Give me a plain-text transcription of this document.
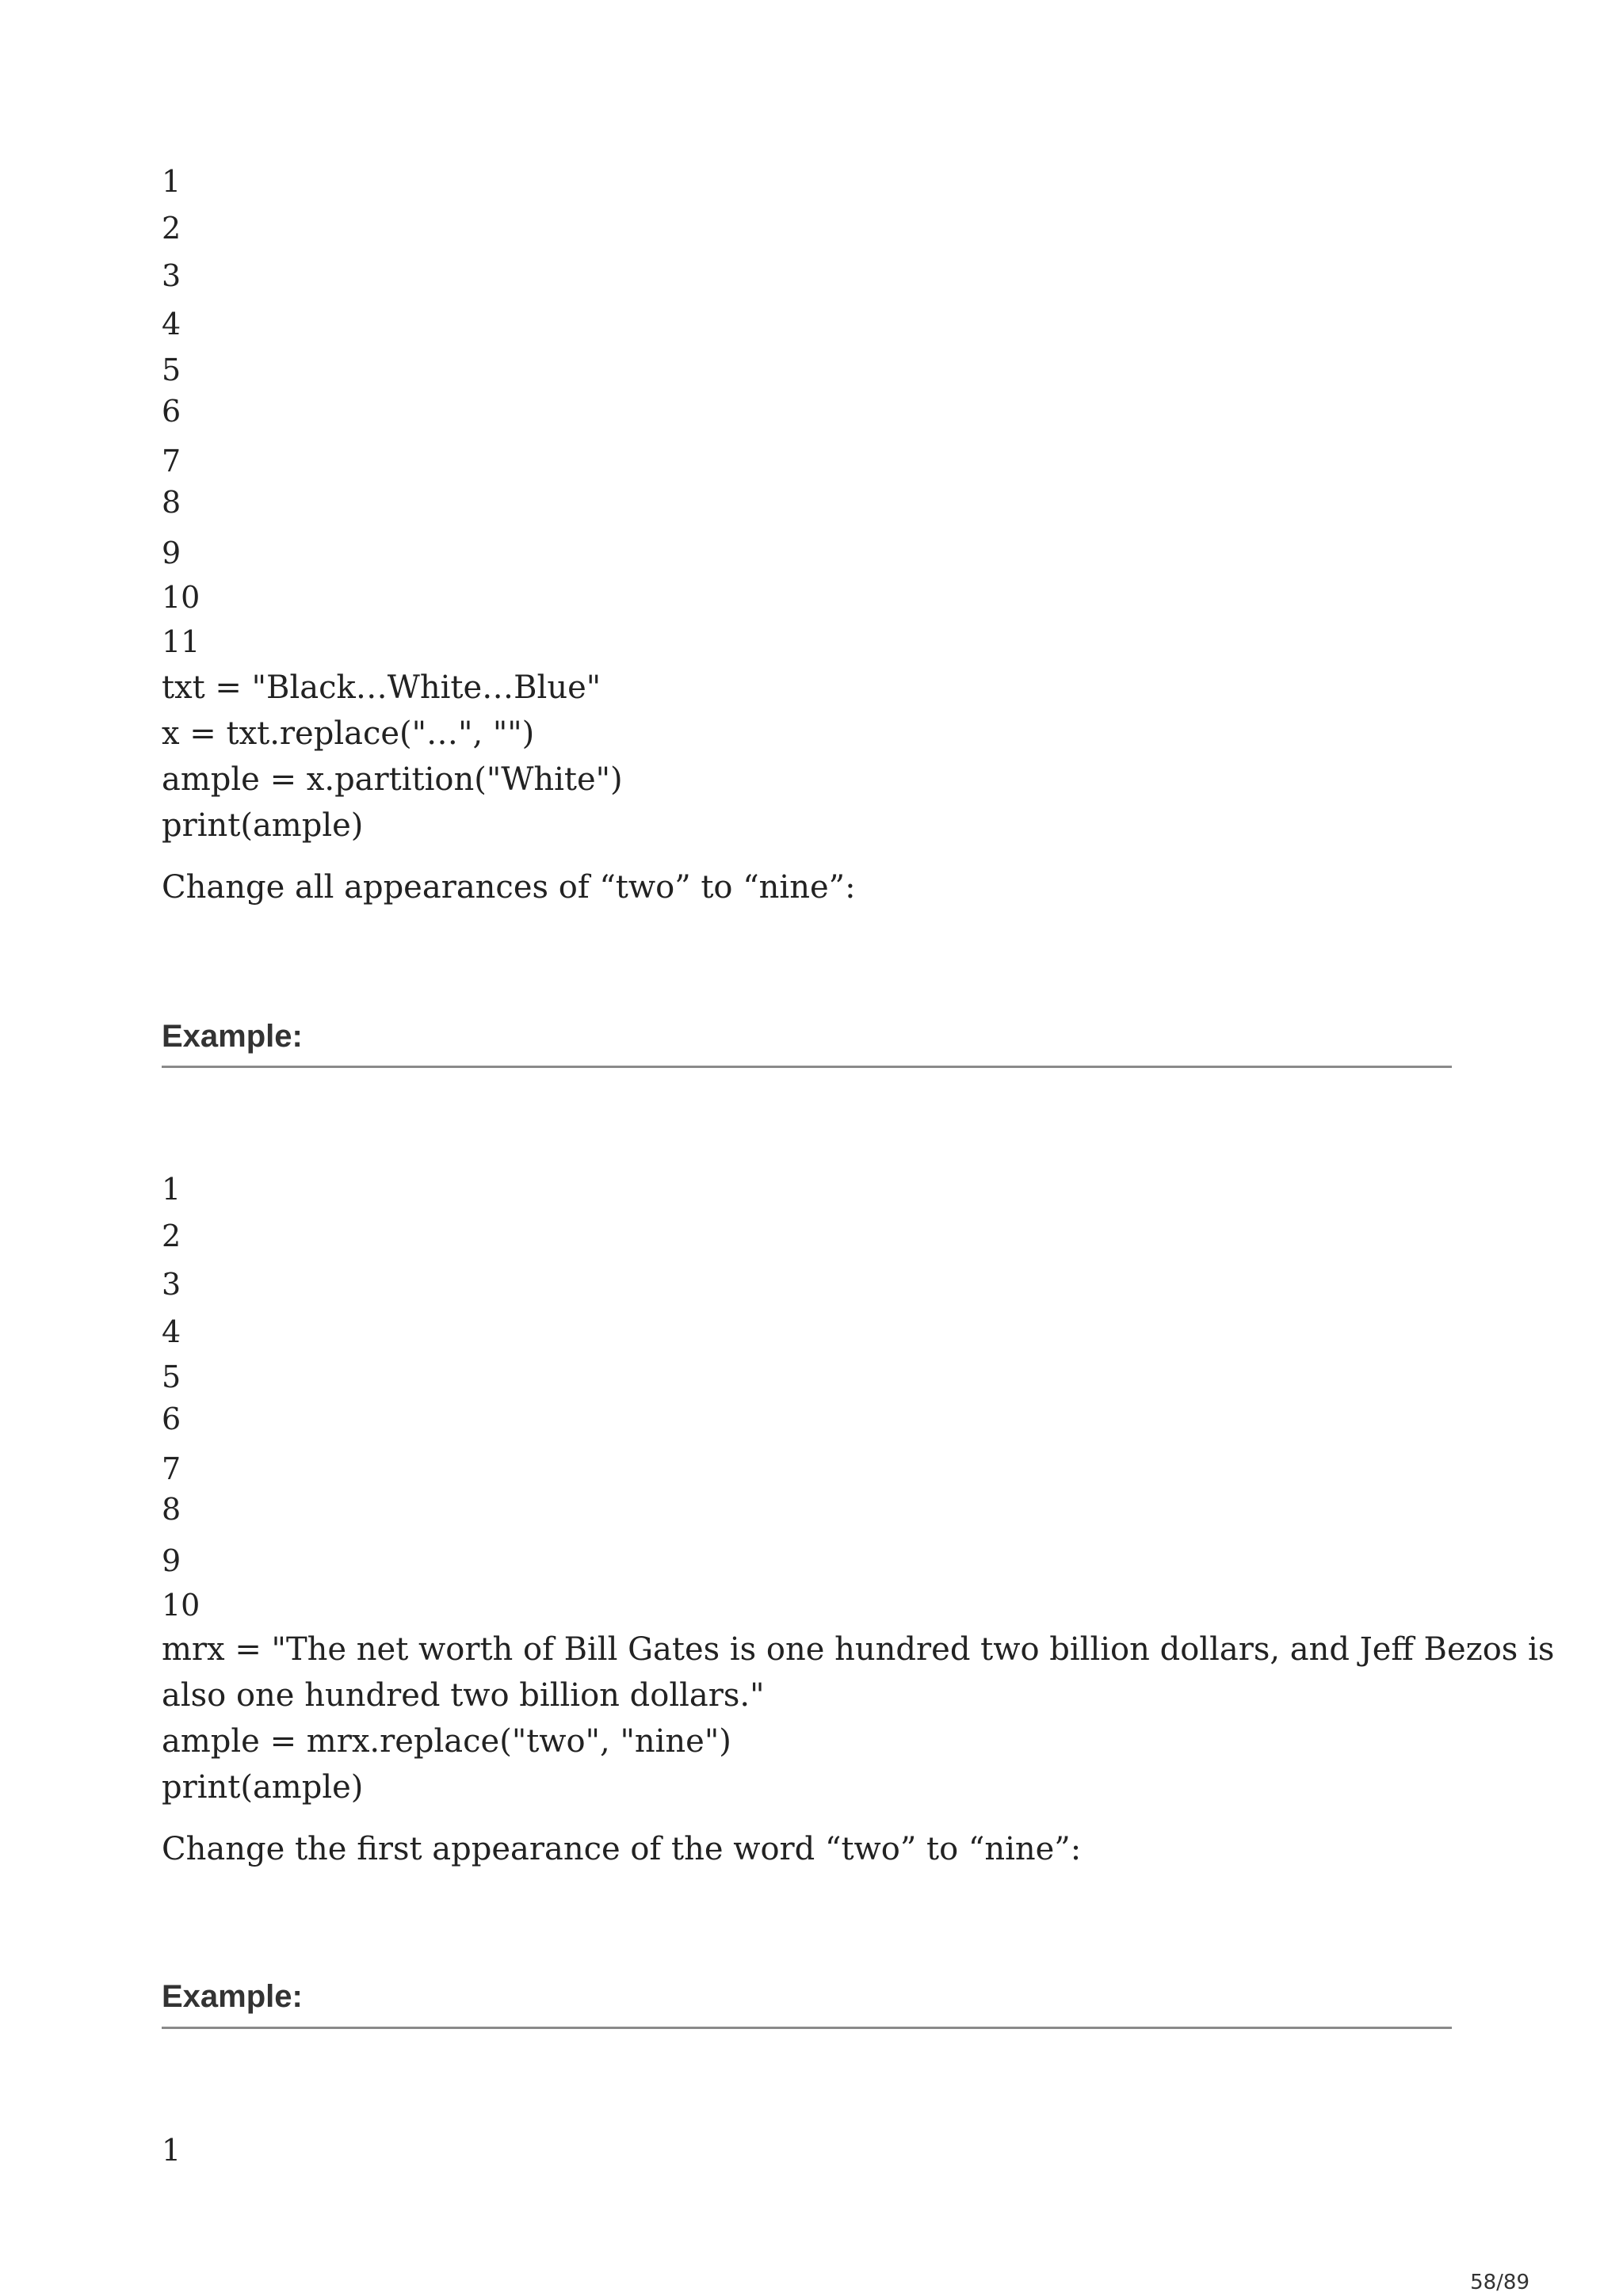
1
2
3
4
5
6
7
8
9
10
11
txt = "Black…White…Blue"
x = txt.replace("…", "")
ample = x.partition("White")
print(ample)
Change all appearances of “two” to “nine”:
Example:
1
2
3
4
5
6
7
8
9
10
mrx = "The net worth of Bill Gates is one hundred two billion dollars, and Jeff Bezos is
also one hundred two billion dollars."
ample = mrx.replace("two", "nine")
print(ample)
Change the first appearance of the word “two” to “nine”:
Example:
1
58/89
